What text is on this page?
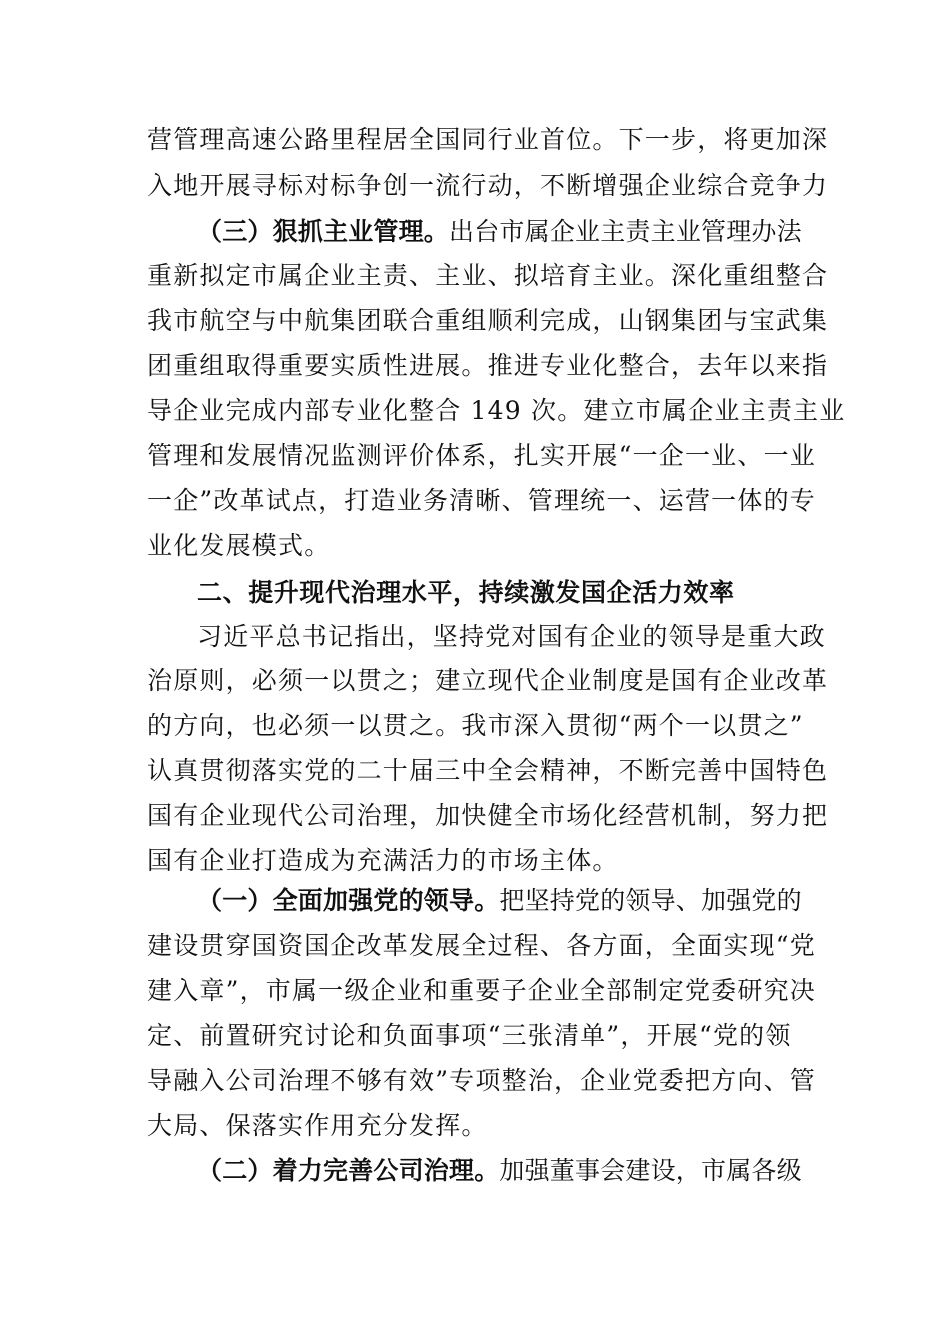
营管理高速公路里程居全国同行业首位。下一步，将更加深
入地开展寻标对标争创一流行动，不断增强企业综合竞争力
（三）狠抓主业管理。出台市属企业主责主业管理办法
重新拟定市属企业主责、主业、拟培育主业。深化重组整合
我市航空与中航集团联合重组顺利完成，山钢集团与宝武集
团重组取得重要实质性进展。推进专业化整合，去年以来指
导企业完成内部专业化整合 149 次。建立市属企业主责主业
管理和发展情况监测评价体系，扎实开展“一企一业、一业
一企”改革试点，打造业务清晰、管理统一、运营一体的专
业化发展模式。
二、提升现代治理水平，持续激发国企活力效率
习近平总书记指出，坚持党对国有企业的领导是重大政
治原则，必须一以贯之；建立现代企业制度是国有企业改革
的方向，也必须一以贯之。我市深入贯彻“两个一以贯之”
认真贯彻落实党的二十届三中全会精神，不断完善中国特色
国有企业现代公司治理，加快健全市场化经营机制，努力把
国有企业打造成为充满活力的市场主体。
（一）全面加强党的领导。把坚持党的领导、加强党的
建设贯穿国资国企改革发展全过程、各方面，全面实现“党
建入章”，市属一级企业和重要子企业全部制定党委研究决
定、前置研究讨论和负面事项“三张清单”，开展“党的领
导融入公司治理不够有效”专项整治，企业党委把方向、管
大局、保落实作用充分发挥。
（二）着力完善公司治理。加强董事会建设，市属各级
